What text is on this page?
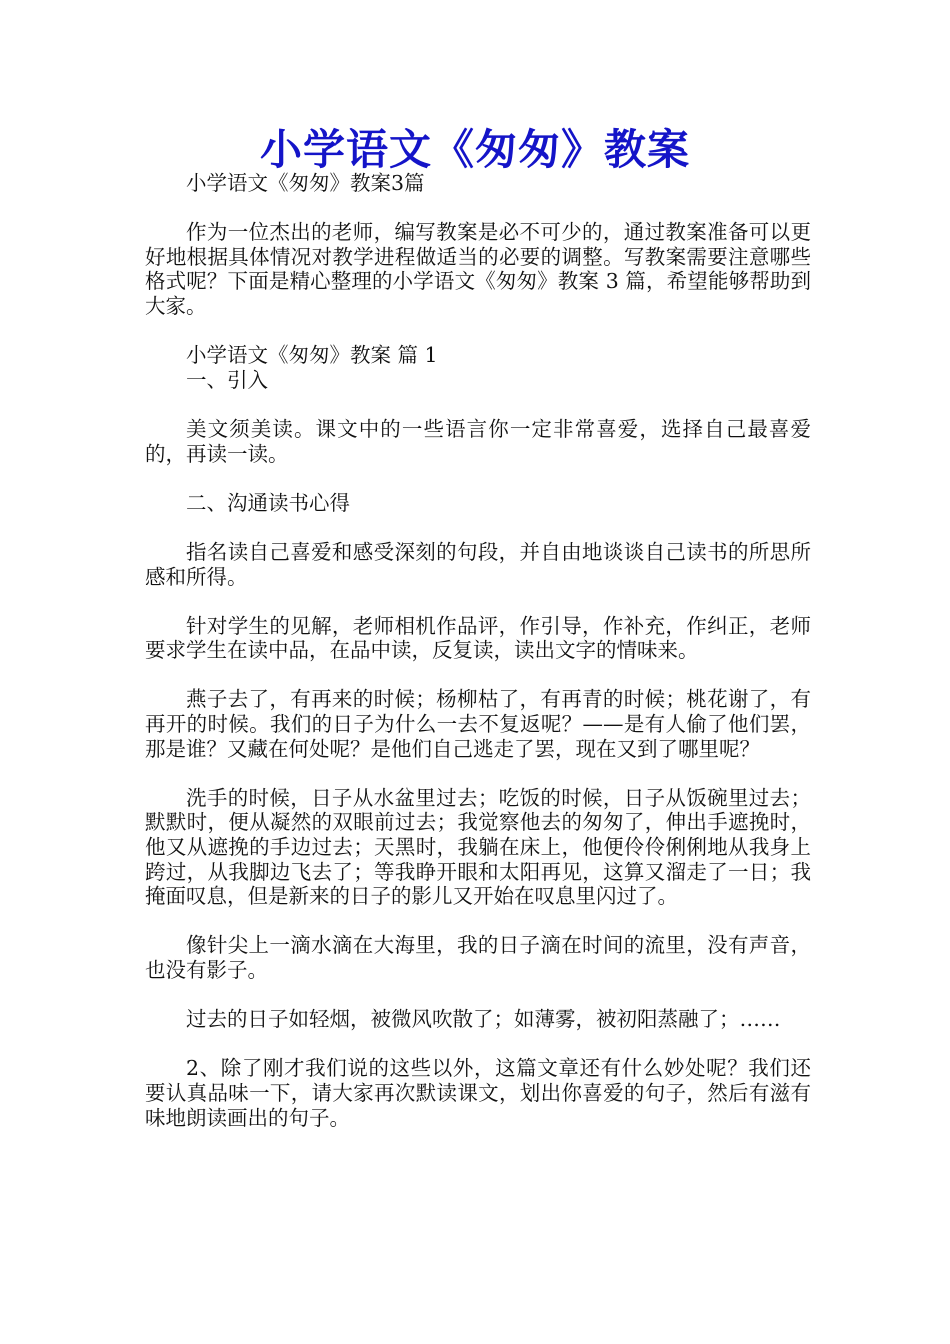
小学语文《匆匆》教案

小学语文《匆匆》教案3篇

作为一位杰出的老师，编写教案是必不可少的，通过教案准备可以更好地根据具体情况对教学进程做适当的必要的调整。写教案需要注意哪些格式呢？下面是精心整理的小学语文《匆匆》教案 3 篇，希望能够帮助到大家。

小学语文《匆匆》教案 篇 1

一、引入

美文须美读。课文中的一些语言你一定非常喜爱，选择自己最喜爱的，再读一读。

二、沟通读书心得

指名读自己喜爱和感受深刻的句段，并自由地谈谈自己读书的所思所感和所得。

针对学生的见解，老师相机作品评，作引导，作补充，作纠正，老师要求学生在读中品，在品中读，反复读，读出文字的情味来。

燕子去了，有再来的时候；杨柳枯了，有再青的时候；桃花谢了，有再开的时候。我们的日子为什么一去不复返呢？——是有人偷了他们罢，那是谁？又藏在何处呢？是他们自己逃走了罢，现在又到了哪里呢？

洗手的时候，日子从水盆里过去；吃饭的时候，日子从饭碗里过去；默默时，便从凝然的双眼前过去；我觉察他去的匆匆了，伸出手遮挽时，他又从遮挽的手边过去；天黑时，我躺在床上，他便伶伶俐俐地从我身上跨过，从我脚边飞去了；等我睁开眼和太阳再见，这算又溜走了一日；我掩面叹息，但是新来的日子的影儿又开始在叹息里闪过了。

像针尖上一滴水滴在大海里，我的日子滴在时间的流里，没有声音，也没有影子。

过去的日子如轻烟，被微风吹散了；如薄雾，被初阳蒸融了；……

2、除了刚才我们说的这些以外，这篇文章还有什么妙处呢？我们还要认真品味一下，请大家再次默读课文，划出你喜爱的句子，然后有滋有味地朗读画出的句子。
